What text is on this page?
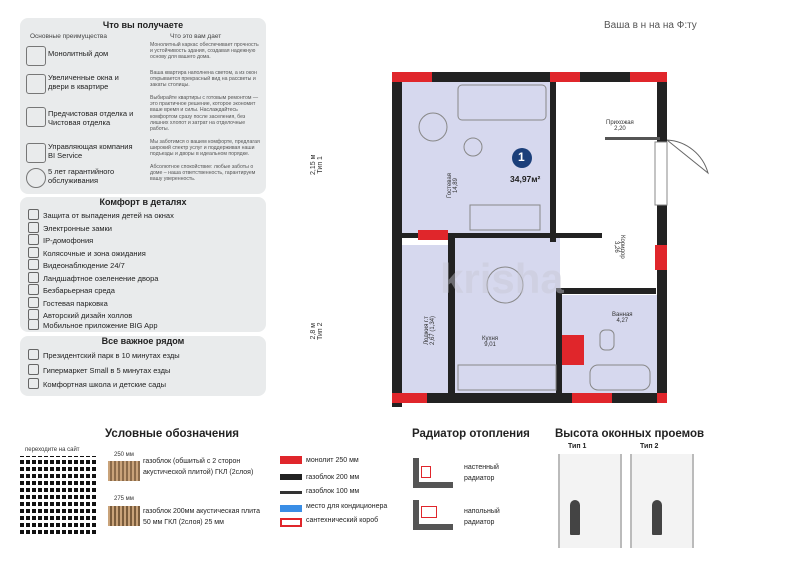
Что вы получаете
Основные преимущества	Что это вам дает
Монолитный дом
Монолитный каркас обеспечивает прочность и устойчивость здания, создавая надежную основу для вашего дома.
Увеличенные окна и двери в квартире
Ваша квартира наполнена светом, а из окон открывается прекрасный вид на рассветы и закаты столицы.
Предчистовая отделка и Чистовая отделка
Выбирайте квартиры с готовым ремонтом — это практичное решение, которое экономит ваше время и силы. Наслаждайтесь комфортом сразу после заселения, без лишних хлопот и затрат на отделочные работы.
Управляющая компания BI Service
Мы заботимся о вашем комфорте, предлагая широкий спектр услуг и поддерживая наши подъезды и дворы в идеальном порядке.
5 лет гарантийного обслуживания
Абсолютное спокойствие: любые заботы о доме – наша ответственность, гарантируем вашу уверенность.
Комфорт в деталях
Защита от выпадения детей на окнах
Электронные замки
IP-домофония
Колясочные и зона ожидания
Видеонаблюдение 24/7
Ландшафтное озеленение двора
Безбарьерная среда
Гостевая парковка
Авторский дизайн холлов
Мобильное приложение BIG App
Все важное рядом
Президентский парк в 10 минутах езды
Гипермаркет Small в 5 минутах езды
Комфортная школа и детские сады
Ваша в н на на Ф:ту
1
34,97м²
Прихожая
2,20
Коридор
3,26
Гостевая
14,89
Кухня
9,01
Ванная
4,27
Лоджия г.т
2,67 (1,34)
2,15 м
Тип 1
2,8 м
Тип 2
krisha
Условные обозначения
переходите на сайт
250 мм
газоблок (обшитый с 2 сторон акустической плитой) ГКЛ (2слоя)
275 мм
газоблок 200мм акустическая плита 50 мм ГКЛ (2слоя) 25 мм
монолит 250 мм
газоблок 200 мм
газоблок 100 мм
место для кондиционера
сантехнический короб
Радиатор отопления
настенный радиатор
напольный радиатор
Высота оконных проемов
Тип 1	Тип 2
